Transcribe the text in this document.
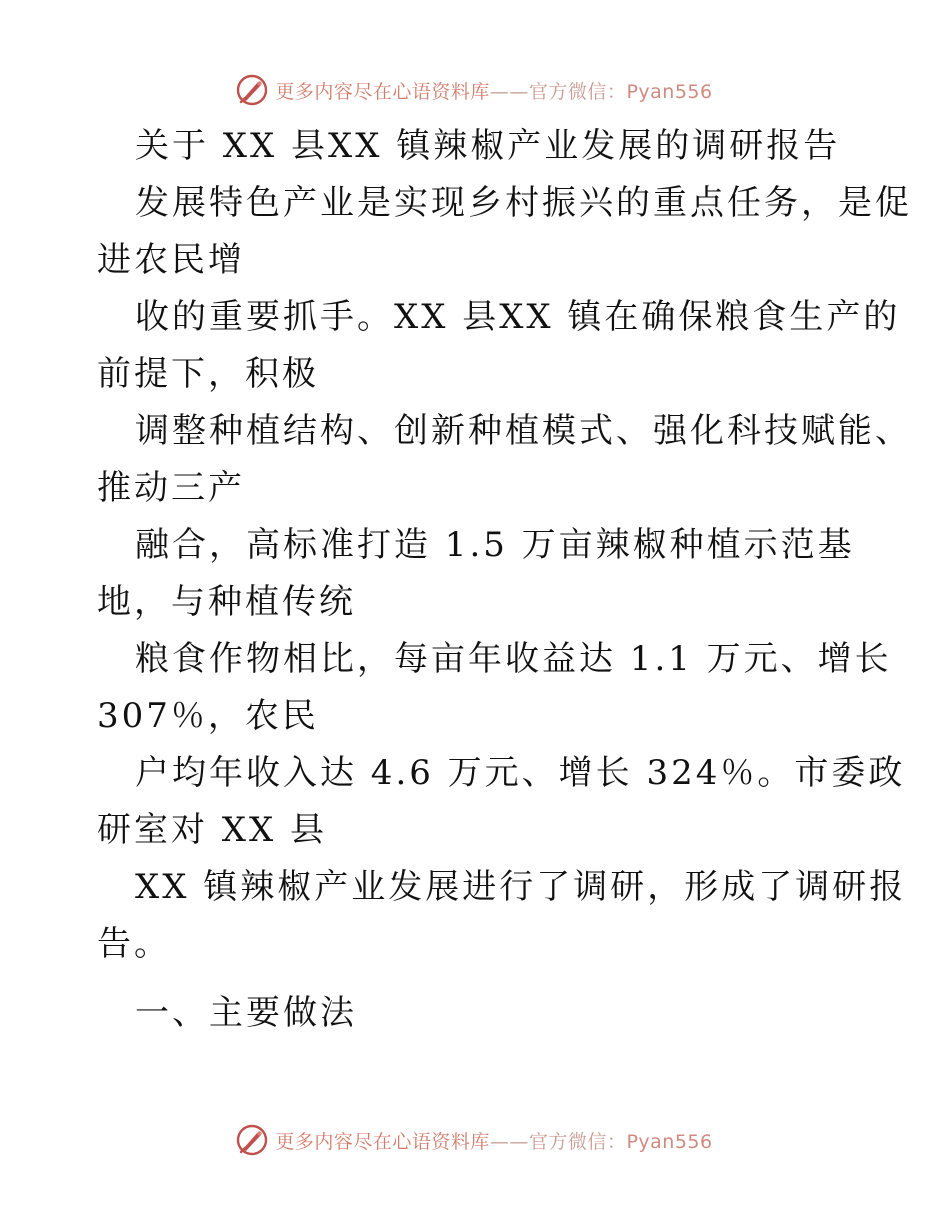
更多内容尽在心语资料库——官方微信：Pyan556
关于 XX 县XX 镇辣椒产业发展的调研报告
发展特色产业是实现乡村振兴的重点任务，是促
进农民增
收的重要抓手。XX 县XX 镇在确保粮食生产的
前提下，积极
调整种植结构、创新种植模式、强化科技赋能、
推动三产
融合，高标准打造 1.5 万亩辣椒种植示范基
地，与种植传统
粮食作物相比，每亩年收益达 1.1 万元、增长
307％，农民
户均年收入达 4.6 万元、增长 324％。市委政
研室对 XX 县
XX 镇辣椒产业发展进行了调研，形成了调研报
告。
一、主要做法
更多内容尽在心语资料库——官方微信：Pyan556
